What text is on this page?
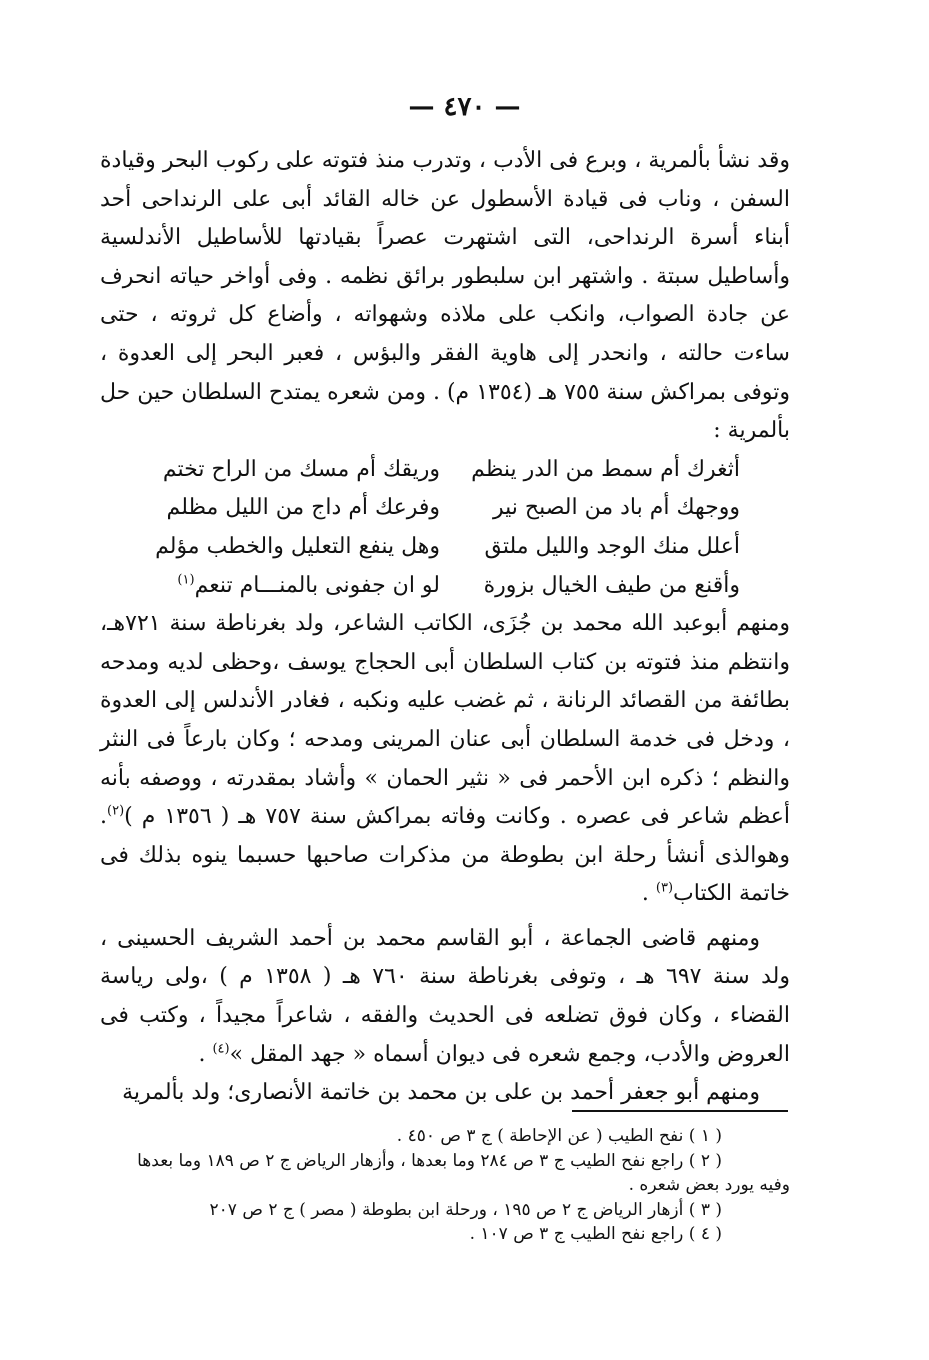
— ٤٧٠ —

وقد نشأ بألمرية ، وبرع فى الأدب ، وتدرب منذ فتوته على ركوب البحر وقيادة السفن ، وناب فى قيادة الأسطول عن خاله القائد أبى على الرنداحى أحد أبناء أسرة الرنداحى، التى اشتهرت عصراً بقيادتها للأساطيل الأندلسية وأساطيل سبتة . واشتهر ابن سلبطور برائق نظمه . وفى أواخر حياته انحرف عن جادة الصواب، وانكب على ملاذه وشهواته ، وأضاع كل ثروته ، حتى ساءت حالته ، وانحدر إلى هاوية الفقر والبؤس ، فعبر البحر إلى العدوة ، وتوفى بمراكش سنة ٧٥٥ هـ (١٣٥٤ م) . ومن شعره يمتدح السلطان حين حل بألمرية :

أثغرك أم سمط من الدر ينظم
وريقك أم مسك من الراح تختم
ووجهك أم باد من الصبح نير
وفرعك أم داج من الليل مظلم
أعلل منك الوجد والليل ملتق
وهل ينفع التعليل والخطب مؤلم
وأقنع من طيف الخيال بزورة
لو ان جفونى بالمنـــام تنعم$^{(١)}$

ومنهم أبوعبد الله محمد بن جُزَى، الكاتب الشاعر، ولد بغرناطة سنة ٧٢١هـ، وانتظم منذ فتوته بن كتاب السلطان أبى الحجاج يوسف ،وحظى لديه ومدحه بطائفة من القصائد الرنانة ، ثم غضب عليه ونكبه ، فغادر الأندلس إلى العدوة ، ودخل فى خدمة السلطان أبى عنان المرينى ومدحه ؛ وكان بارعاً فى النثر والنظم ؛ ذكره ابن الأحمر فى « نثير الحمان » وأشاد بمقدرته ، ووصفه بأنه أعظم شاعر فى عصره . وكانت وفاته بمراكش سنة ٧٥٧ هـ ( ١٣٥٦ م )$^{(٢)}$. وهوالذى أنشأ رحلة ابن بطوطة من مذكرات صاحبها حسبما ينوه بذلك فى خاتمة الكتاب$^{(٣)}$ .

ومنهم قاضى الجماعة ، أبو القاسم محمد بن أحمد الشريف الحسينى ، ولد سنة ٦٩٧ هـ ، وتوفى بغرناطة سنة ٧٦٠ هـ ( ١٣٥٨ م ) ،ولى رياسة القضاء ، وكان فوق تضلعه فى الحديث والفقه ، شاعراً مجيداً ، وكتب فى العروض والأدب، وجمع شعره فى ديوان أسماه « جهد المقل »$^{(٤)}$ .

ومنهم أبو جعفر أحمد بن على بن محمد بن خاتمة الأنصارى؛ ولد بألمرية

( ١ ) نفح الطيب ( عن الإحاطة ) ج ٣ ص ٤٥٠ .

( ٢ ) راجع نفح الطيب ج ٣ ص ٢٨٤ وما بعدها ، وأزهار الرياض ج ٢ ص ١٨٩ وما بعدها

وفيه يورد بعض شعره .

( ٣ ) أزهار الرياض ج ٢ ص ١٩٥ ، ورحلة ابن بطوطة ( مصر ) ج ٢ ص ٢٠٧

( ٤ ) راجع نفح الطيب ج ٣ ص ١٠٧ .
